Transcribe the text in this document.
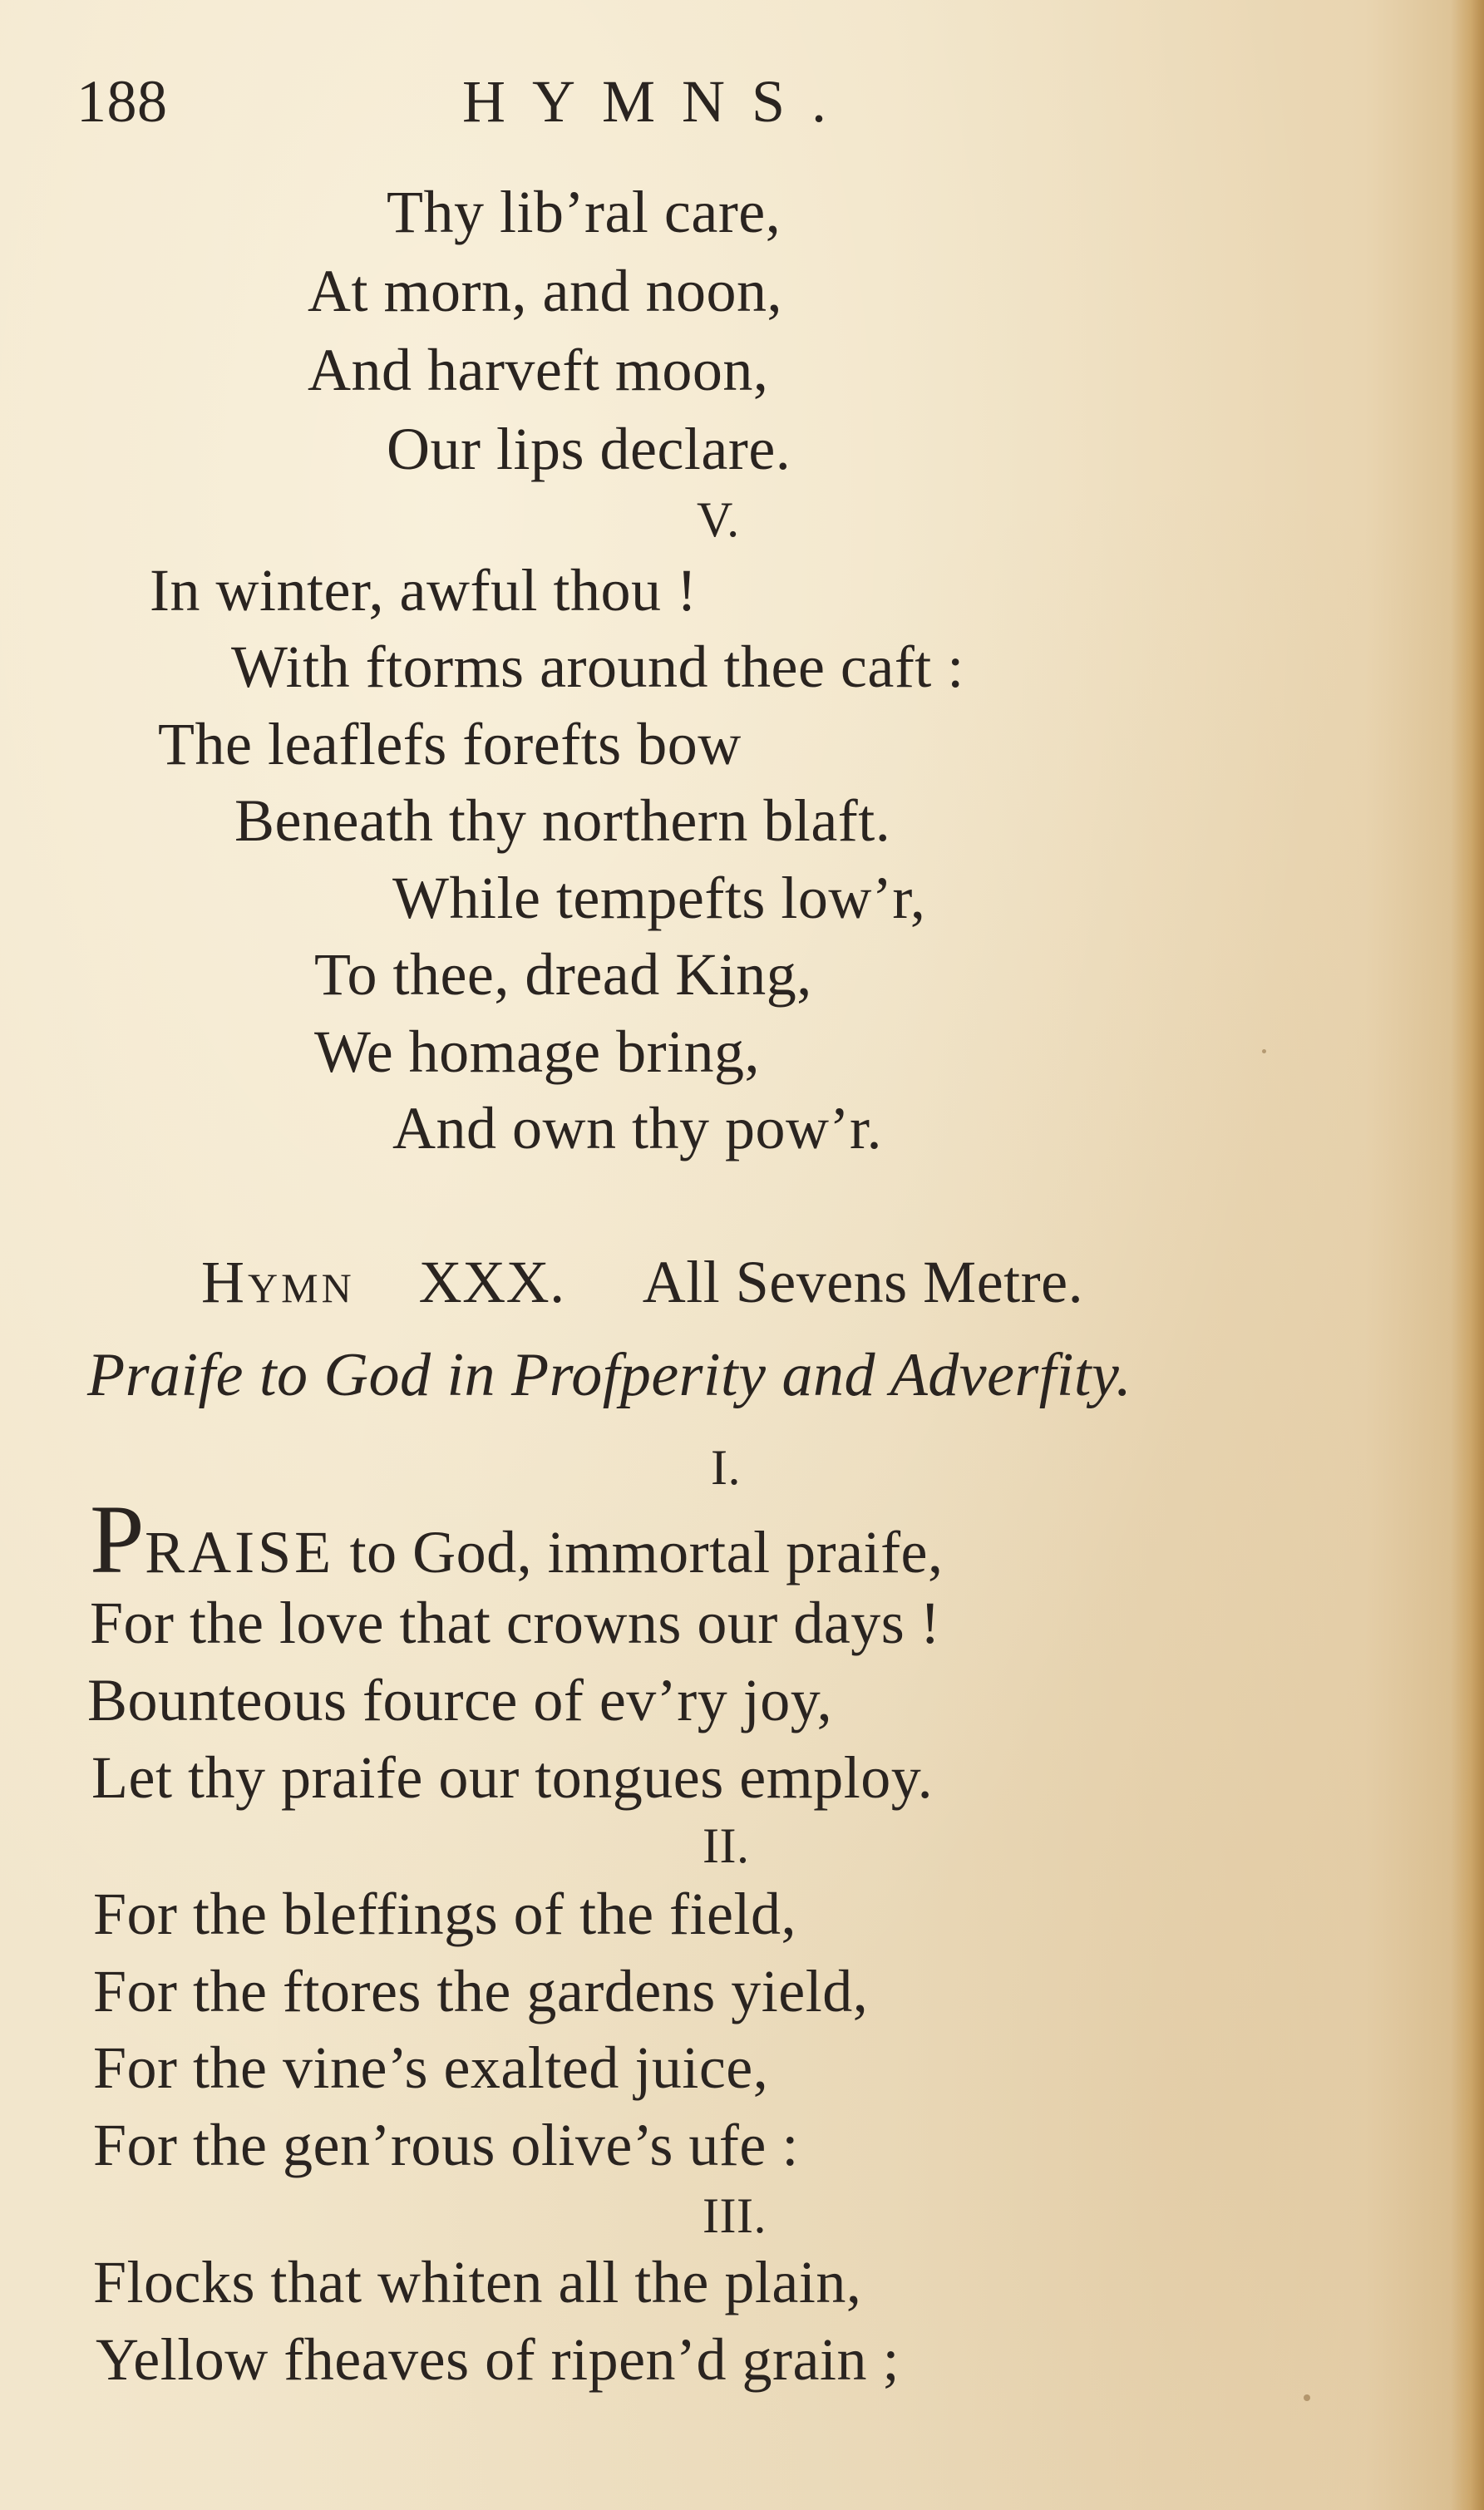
188	HYMNS.
Thy lib’ral care,
At morn, and noon,
And harveft moon,
Our lips declare.
V.
In winter, awful thou !
With ftorms around thee caft :
The leaflefs forefts bow
Beneath thy northern blaft.
While tempefts low’r,
To thee, dread King,
We homage bring,
And own thy pow’r.
Hymn XXX. All Sevens Metre.
Praife to God in Profperity and Adverfity.
I.
PRAISE to God, immortal praife,
For the love that crowns our days !
Bounteous fource of ev’ry joy,
Let thy praife our tongues employ.
II.
For the bleffings of the field,
For the ftores the gardens yield,
For the vine’s exalted juice,
For the gen’rous olive’s ufe :
III.
Flocks that whiten all the plain,
Yellow fheaves of ripen’d grain ;
